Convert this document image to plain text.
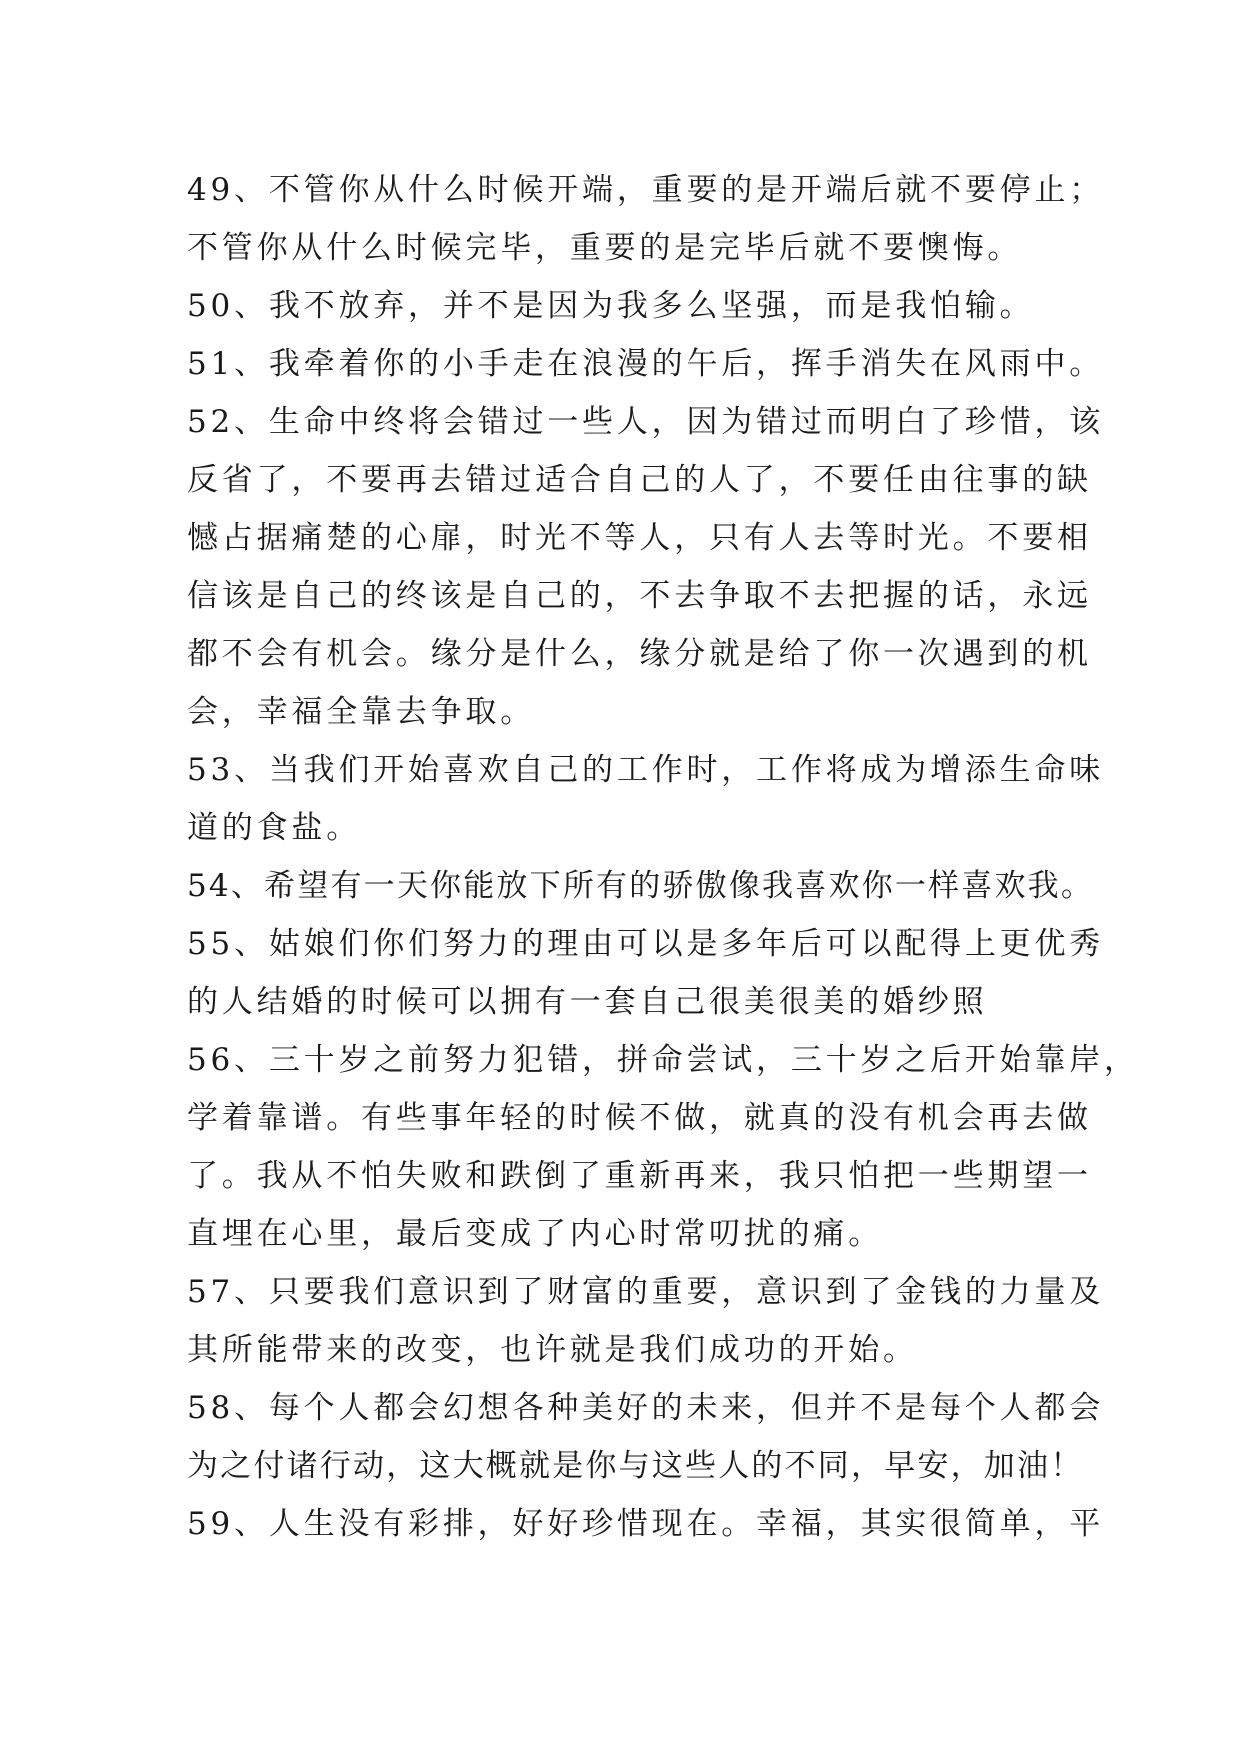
49、不管你从什么时候开端，重要的是开端后就不要停止；
不管你从什么时候完毕，重要的是完毕后就不要懊悔。
50、我不放弃，并不是因为我多么坚强，而是我怕输。
51、我牵着你的小手走在浪漫的午后，挥手消失在风雨中。
52、生命中终将会错过一些人，因为错过而明白了珍惜，该
反省了，不要再去错过适合自己的人了，不要任由往事的缺
憾占据痛楚的心扉，时光不等人，只有人去等时光。不要相
信该是自己的终该是自己的，不去争取不去把握的话，永远
都不会有机会。缘分是什么，缘分就是给了你一次遇到的机
会，幸福全靠去争取。
53、当我们开始喜欢自己的工作时，工作将成为增添生命味
道的食盐。
54、希望有一天你能放下所有的骄傲像我喜欢你一样喜欢我。
55、姑娘们你们努力的理由可以是多年后可以配得上更优秀
的人结婚的时候可以拥有一套自己很美很美的婚纱照
56、三十岁之前努力犯错，拼命尝试，三十岁之后开始靠岸，
学着靠谱。有些事年轻的时候不做，就真的没有机会再去做
了。我从不怕失败和跌倒了重新再来，我只怕把一些期望一
直埋在心里，最后变成了内心时常叨扰的痛。
57、只要我们意识到了财富的重要，意识到了金钱的力量及
其所能带来的改变，也许就是我们成功的开始。
58、每个人都会幻想各种美好的未来，但并不是每个人都会
为之付诸行动，这大概就是你与这些人的不同，早安，加油！
59、人生没有彩排，好好珍惜现在。幸福，其实很简单，平
